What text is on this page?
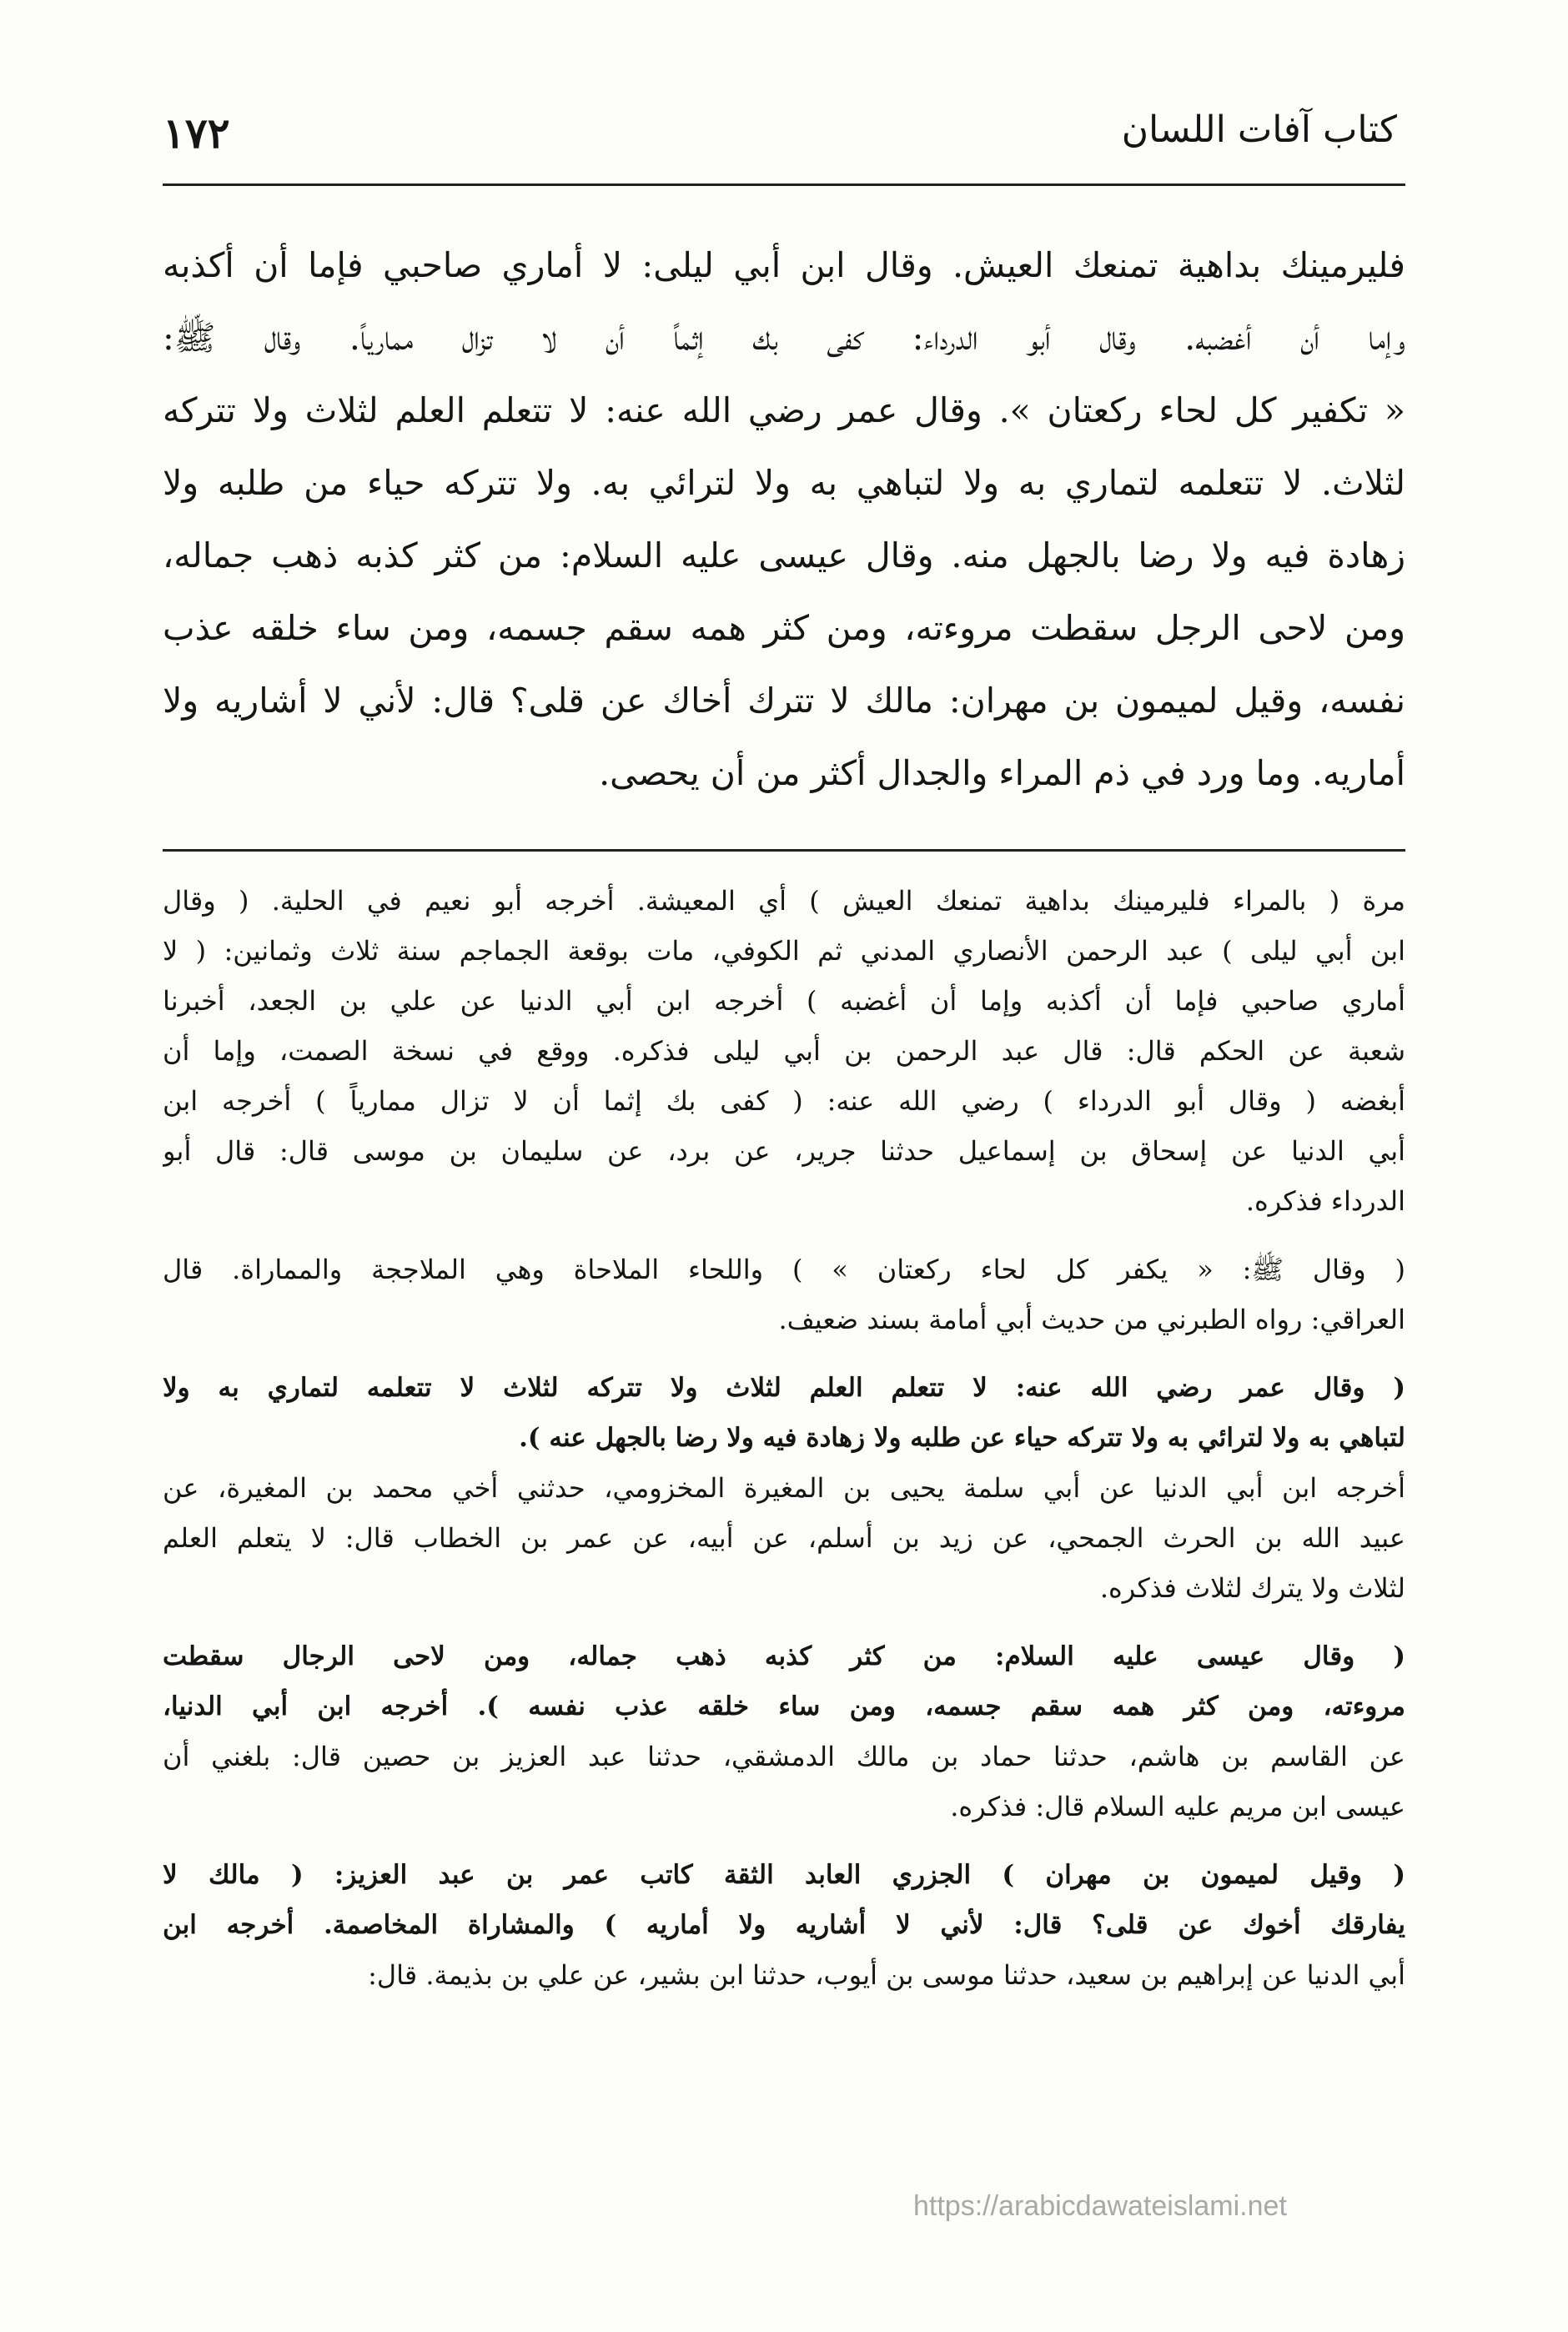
كتاب آفات اللسان
١٧٢
فليرمينك بداهية تمنعك العيش. وقال ابن أبي ليلى: لا أماري صاحبي فإما أن أكذبه
وإما أن أغضبه. وقال أبو الدرداء: كفى بك إثماً أن لا تزال ممارياً. وقال ﷺ:
« تكفير كل لحاء ركعتان ». وقال عمر رضي الله عنه: لا تتعلم العلم لثلاث ولا تتركه
لثلاث. لا تتعلمه لتماري به ولا لتباهي به ولا لترائي به. ولا تتركه حياء من طلبه ولا
زهادة فيه ولا رضا بالجهل منه. وقال عيسى عليه السلام: من كثر كذبه ذهب جماله،
ومن لاحى الرجل سقطت مروءته، ومن كثر همه سقم جسمه، ومن ساء خلقه عذب
نفسه، وقيل لميمون بن مهران: مالك لا تترك أخاك عن قلى؟ قال: لأني لا أشاريه ولا
أماريه. وما ورد في ذم المراء والجدال أكثر من أن يحصى.
مرة ( بالمراء فليرمينك بداهية تمنعك العيش ) أي المعيشة. أخرجه أبو نعيم في الحلية. ( وقال
ابن أبي ليلى ) عبد الرحمن الأنصاري المدني ثم الكوفي، مات بوقعة الجماجم سنة ثلاث وثمانين: ( لا
أماري صاحبي فإما أن أكذبه وإما أن أغضبه ) أخرجه ابن أبي الدنيا عن علي بن الجعد، أخبرنا
شعبة عن الحكم قال: قال عبد الرحمن بن أبي ليلى فذكره. ووقع في نسخة الصمت، وإما أن
أبغضه ( وقال أبو الدرداء ) رضي الله عنه: ( كفى بك إثما أن لا تزال ممارياً ) أخرجه ابن
أبي الدنيا عن إسحاق بن إسماعيل حدثنا جرير، عن برد، عن سليمان بن موسى قال: قال أبو
الدرداء فذكره.
( وقال ﷺ: « يكفر كل لحاء ركعتان » ) واللحاء الملاحاة وهي الملاججة والمماراة. قال
العراقي: رواه الطبرني من حديث أبي أمامة بسند ضعيف.
( وقال عمر رضي الله عنه: لا تتعلم العلم لثلاث ولا تتركه لثلاث لا تتعلمه لتماري به ولا
لتباهي به ولا لترائي به ولا تتركه حياء عن طلبه ولا زهادة فيه ولا رضا بالجهل عنه ).
أخرجه ابن أبي الدنيا عن أبي سلمة يحيى بن المغيرة المخزومي، حدثني أخي محمد بن المغيرة، عن
عبيد الله بن الحرث الجمحي، عن زيد بن أسلم، عن أبيه، عن عمر بن الخطاب قال: لا يتعلم العلم
لثلاث ولا يترك لثلاث فذكره.
( وقال عيسى عليه السلام: من كثر كذبه ذهب جماله، ومن لاحى الرجال سقطت
مروءته، ومن كثر همه سقم جسمه، ومن ساء خلقه عذب نفسه ). أخرجه ابن أبي الدنيا،
عن القاسم بن هاشم، حدثنا حماد بن مالك الدمشقي، حدثنا عبد العزيز بن حصين قال: بلغني أن
عيسى ابن مريم عليه السلام قال: فذكره.
( وقيل لميمون بن مهران ) الجزري العابد الثقة كاتب عمر بن عبد العزيز: ( مالك لا
يفارقك أخوك عن قلى؟ قال: لأني لا أشاريه ولا أماريه ) والمشاراة المخاصمة. أخرجه ابن
أبي الدنيا عن إبراهيم بن سعيد، حدثنا موسى بن أيوب، حدثنا ابن بشير، عن علي بن بذيمة. قال:
https://arabicdawateislami.net
